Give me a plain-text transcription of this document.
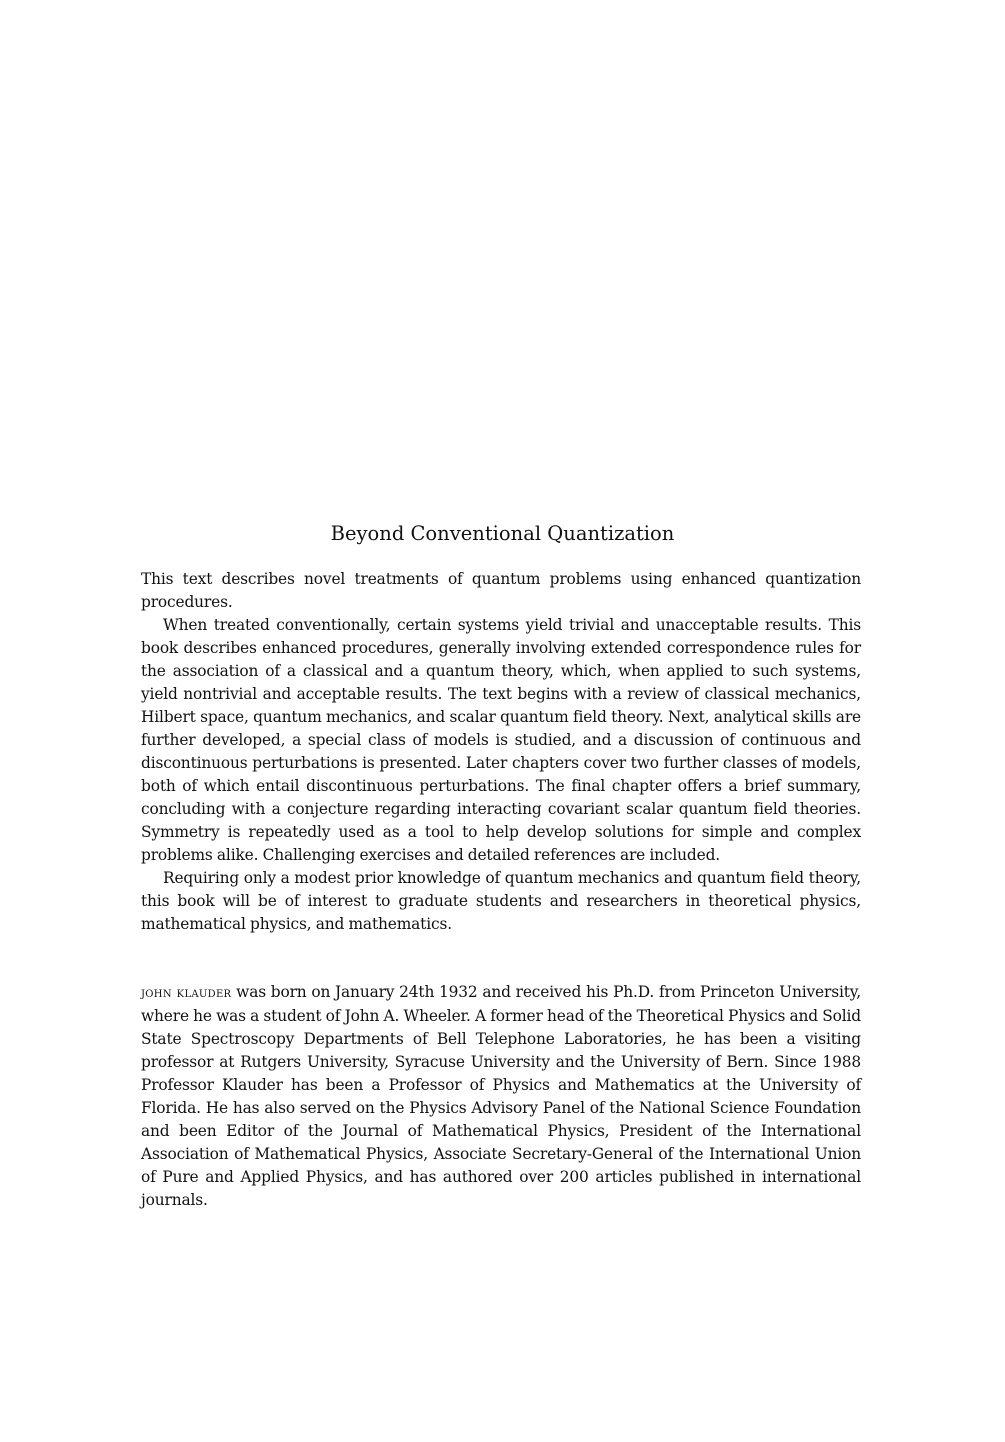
Beyond Conventional Quantization

This text describes novel treatments of quantum problems using enhanced quantization procedures.

When treated conventionally, certain systems yield trivial and unacceptable results. This book describes enhanced procedures, generally involving extended correspondence rules for the association of a classical and a quantum theory, which, when applied to such systems, yield nontrivial and acceptable results. The text begins with a review of classical mechanics, Hilbert space, quantum mechanics, and scalar quantum field theory. Next, analytical skills are further developed, a special class of models is studied, and a discussion of continuous and discontinuous perturbations is presented. Later chapters cover two further classes of models, both of which entail discontinuous perturbations. The final chapter offers a brief summary, concluding with a conjecture regarding interacting covariant scalar quantum field theories. Symmetry is repeatedly used as a tool to help develop solutions for simple and complex problems alike. Challenging exercises and detailed references are included.

Requiring only a modest prior knowledge of quantum mechanics and quantum field theory, this book will be of interest to graduate students and researchers in theoretical physics, mathematical physics, and mathematics.

john klauder was born on January 24th 1932 and received his Ph.D. from Princeton University, where he was a student of John A. Wheeler. A former head of the Theoretical Physics and Solid State Spectroscopy Departments of Bell Telephone Laboratories, he has been a visiting professor at Rutgers University, Syracuse University and the University of Bern. Since 1988 Professor Klauder has been a Professor of Physics and Mathematics at the University of Florida. He has also served on the Physics Advisory Panel of the National Science Foundation and been Editor of the Journal of Mathematical Physics, President of the International Association of Mathematical Physics, Associate Secretary-General of the International Union of Pure and Applied Physics, and has authored over 200 articles published in international journals.
